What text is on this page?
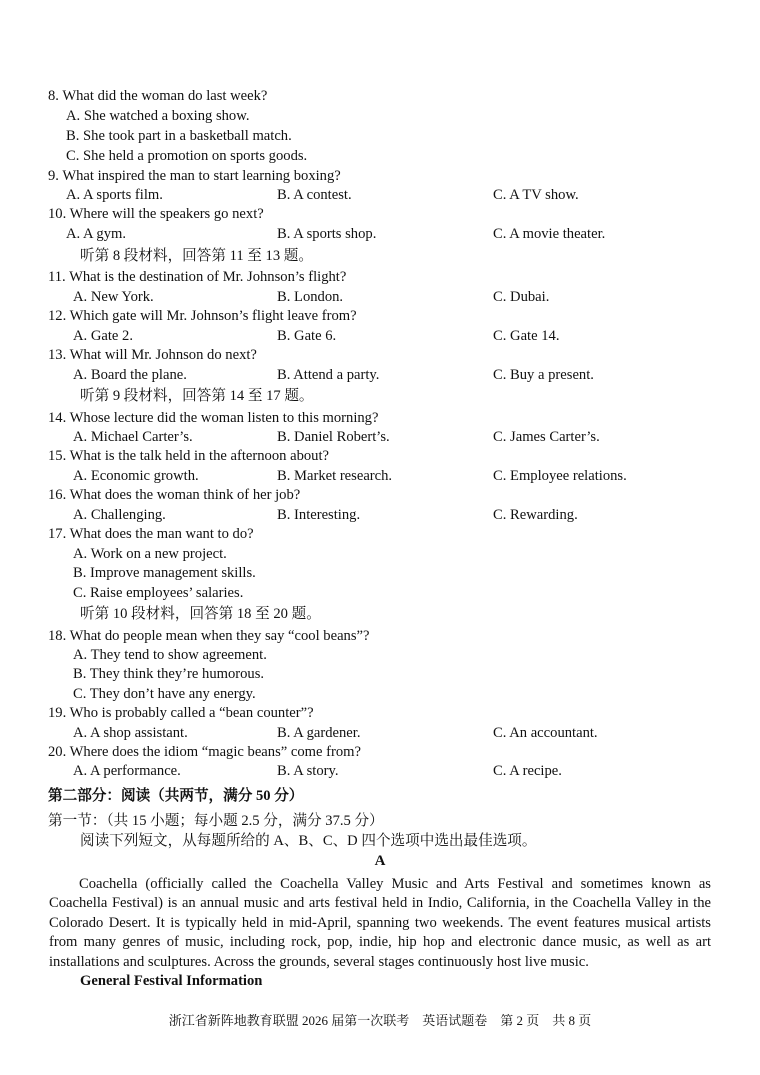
8. What did the woman do last week?
A. She watched a boxing show.
B. She took part in a basketball match.
C. She held a promotion on sports goods.
9. What inspired the man to start learning boxing?
A. A sports film.	B. A contest.	C. A TV show.
10. Where will the speakers go next?
A. A gym.	B. A sports shop.	C. A movie theater.
听第 8 段材料，回答第 11 至 13 题。
11. What is the destination of Mr. Johnson’s flight?
A. New York.	B. London.	C. Dubai.
12. Which gate will Mr. Johnson’s flight leave from?
A. Gate 2.	B. Gate 6.	C. Gate 14.
13. What will Mr. Johnson do next?
A. Board the plane.	B. Attend a party.	C. Buy a present.
听第 9 段材料，回答第 14 至 17 题。
14. Whose lecture did the woman listen to this morning?
A. Michael Carter’s.	B. Daniel Robert’s.	C. James Carter’s.
15. What is the talk held in the afternoon about?
A. Economic growth.	B. Market research.	C. Employee relations.
16. What does the woman think of her job?
A. Challenging.	B. Interesting.	C. Rewarding.
17. What does the man want to do?
A. Work on a new project.
B. Improve management skills.
C. Raise employees’ salaries.
听第 10 段材料，回答第 18 至 20 题。
18. What do people mean when they say “cool beans”?
A. They tend to show agreement.
B. They think they’re humorous.
C. They don’t have any energy.
19. Who is probably called a “bean counter”?
A. A shop assistant.	B. A gardener.	C. An accountant.
20. Where does the idiom “magic beans” come from?
A. A performance.	B. A story.	C. A recipe.
第二部分：阅读（共两节，满分 50 分）
第一节：（共 15 小题；每小题 2.5 分，满分 37.5 分）
阅读下列短文，从每题所给的 A、B、C、D 四个选项中选出最佳选项。
A
Coachella (officially called the Coachella Valley Music and Arts Festival and sometimes known as Coachella Festival) is an annual music and arts festival held in Indio, California, in the Coachella Valley in the Colorado Desert. It is typically held in mid-April, spanning two weekends. The event features musical artists from many genres of music, including rock, pop, indie, hip hop and electronic dance music, as well as art installations and sculptures. Across the grounds, several stages continuously host live music.
General Festival Information
浙江省新阵地教育联盟 2026 届第一次联考　英语试题卷　第 2 页　共 8 页
